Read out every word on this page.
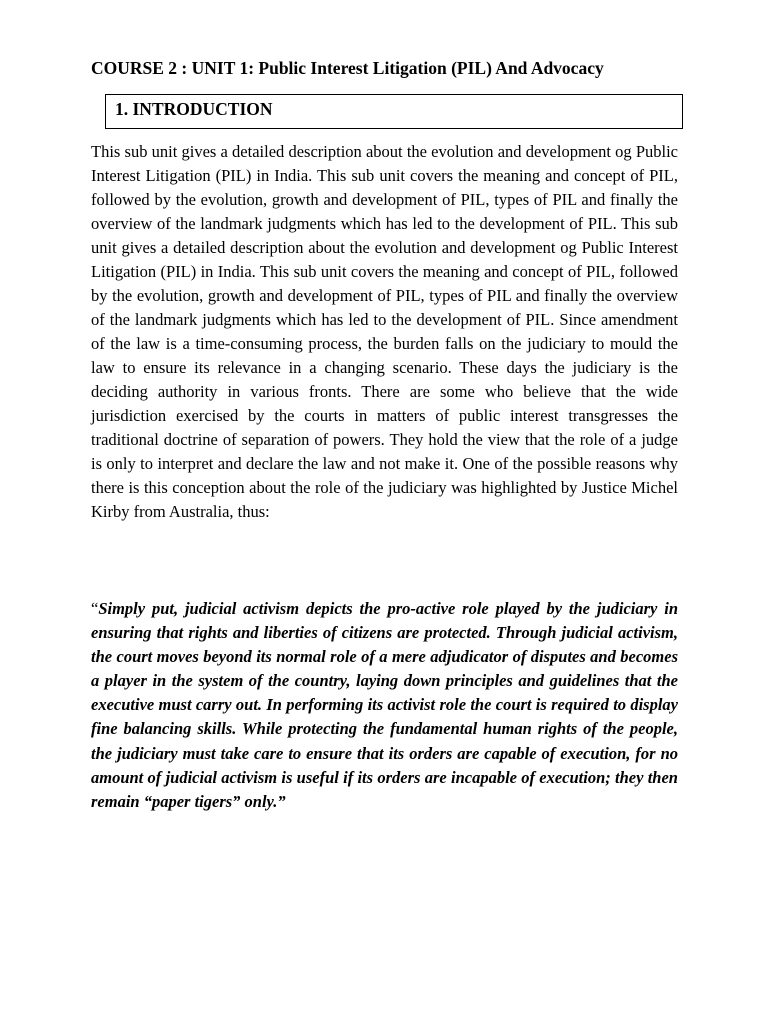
COURSE 2 : UNIT 1: Public Interest Litigation (PIL) And Advocacy
1. INTRODUCTION

This sub unit gives a detailed description about the evolution and development og Public Interest Litigation (PIL) in India. This sub unit covers the meaning and concept of PIL, followed by the evolution, growth and development of PIL, types of PIL and finally the overview of the landmark judgments which has led to the development of PIL. This sub unit gives a detailed description about the evolution and development og Public Interest Litigation (PIL) in India. This sub unit covers the meaning and concept of PIL, followed by the evolution, growth and development of PIL, types of PIL and finally the overview of the landmark judgments which has led to the development of PIL. Since amendment of the law is a time-consuming process, the burden falls on the judiciary to mould the law to ensure its relevance in a changing scenario. These days the judiciary is the deciding authority in various fronts. There are some who believe that the wide jurisdiction exercised by the courts in matters of public interest transgresses the traditional doctrine of separation of powers. They hold the view that the role of a judge is only to interpret and declare the law and not make it. One of the possible reasons why there is this conception about the role of the judiciary was highlighted by Justice Michel Kirby from Australia, thus:

“Simply put, judicial activism depicts the pro-active role played by the judiciary in ensuring that rights and liberties of citizens are protected. Through judicial activism, the court moves beyond its normal role of a mere adjudicator of disputes and becomes a player in the system of the country, laying down principles and guidelines that the executive must carry out. In performing its activist role the court is required to display fine balancing skills. While protecting the fundamental human rights of the people, the judiciary must take care to ensure that its orders are capable of execution, for no amount of judicial activism is useful if its orders are incapable of execution; they then remain “paper tigers” only.”
